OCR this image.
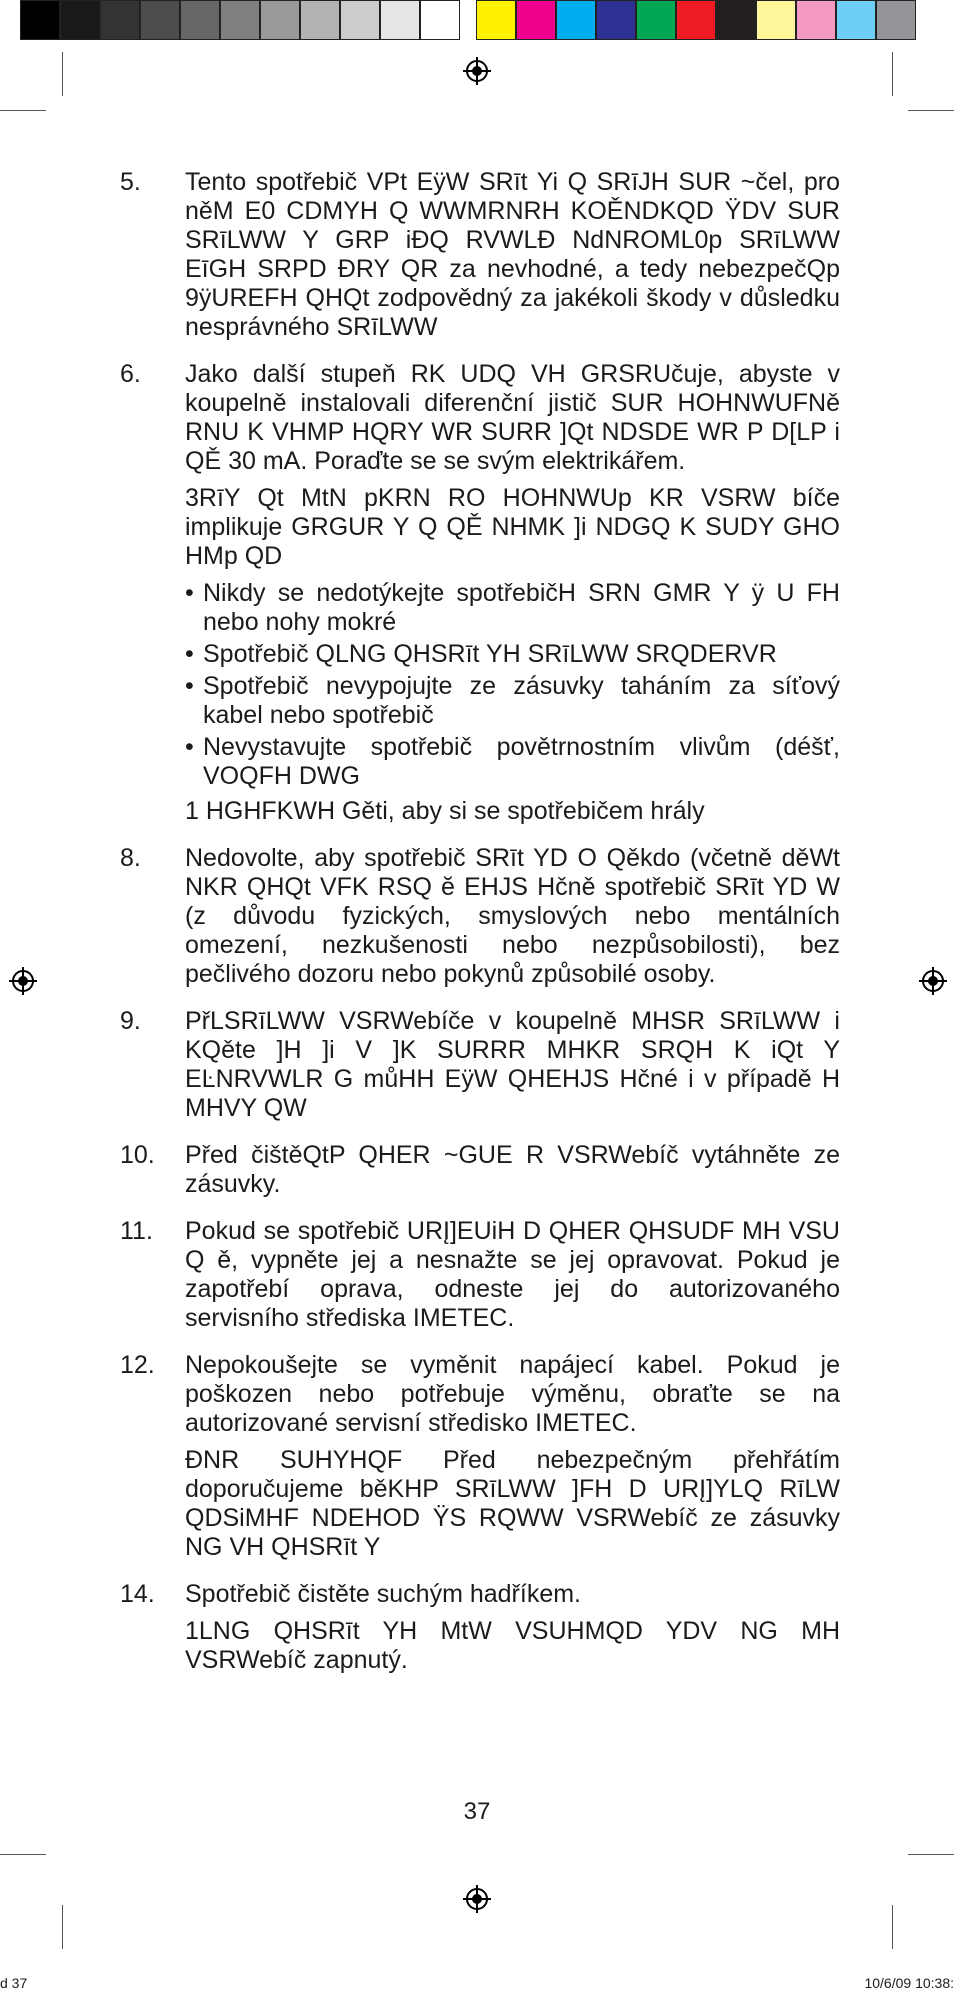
5.	Tento spotřebič VPt EÿW SRīt Yi Q SRīJH SUR ~čel, pro něM E0 CDMYH Q WWMRNRH KOĚNDKQD ŸDV SUR SRīLWW Y GRP iĐQ RVWLĐ NdNROML0p SRīLWW EīGH SRPD ĐRY QR za nevhodné, a tedy nebezpečQp 9ÿUREFH QHQt zodpovědný za jakékoli škody v důsledku nesprávného SRīLWW

6.	Jako další stupeň RK UDQ VH GRSRUčuje, abyste v koupelně instalovali diferenční jistič SUR HOHNWUFNě RNU K VHMP HQRY WR SURR ]Qt NDSDE WR P D[LP i QĚ 30 mA. Poraďte se se svým elektrikářem.

3RīY Qt MtN pKRN RO HOHNWUp KR VSRW bíče implikuje GRGUR Y Q QĚ NHMK ]i NDGQ K SUDY GHO HMp QD

• Nikdy se nedotýkejte spotřebičH SRN GMR Y ÿ U FH nebo nohy mokré
• Spotřebič QLNG QHSRīt YH SRīLWW SRQDERVR
• Spotřebič nevypojujte ze zásuvky taháním za síťový kabel nebo spotřebič
• Nevystavujte spotřebič povětrnostním vlivům (déšť, VOQFH DWG

1 HGHFKWH Gěti, aby si se spotřebičem hrály

8.	Nedovolte, aby spotřebič SRīt YD O Qěkdo (včetně děWt NKR QHQt VFK RSQ ĕ EHJS Hčně spotřebič SRīt YD W (z důvodu fyzických, smyslových nebo mentálních omezení, nezkušenosti nebo nezpůsobilosti), bez pečlivého dozoru nebo pokynů způsobilé osoby.

9.	PřLSRīLWW VSRWebíče v koupelně MHSR SRīLWW i KQěte ]H ]i V ]K SURRR MHKR SRQH K iQt Y EĿNRVWLR G můHH EÿW QHEHJS Hčné i v případě H MHVY QW

10.	Před čištěQtP QHER ~GUE R VSRWebíč vytáhněte ze zásuvky.

11.	Pokud se spotřebič URĮ]EUiH D QHER QHSUDF MH VSU Q ě, vypněte jej a nesnažte se jej opravovat. Pokud je zapotřebí oprava, odneste jej do autorizovaného servisního střediska IMETEC.

12.	Nepokoušejte se vyměnit napájecí kabel. Pokud je poškozen nebo potřebuje výměnu, obraťte se na autorizované servisní středisko IMETEC.

ĐNR SUHYHQF Před nebezpečným přehřátím doporučujeme běKHP SRīLWW ]FH D URĮ]YLQ RīLW QDSiMHF NDEHOD ŸS RQWW VSRWebíč ze zásuvky NG VH QHSRīt Y

14.	Spotřebič čistěte suchým hadříkem.

1LNG QHSRīt YH MtW VSUHMQD YDV NG MH VSRWebíč zapnutý.

37
d 37	10/6/09 10:38:
